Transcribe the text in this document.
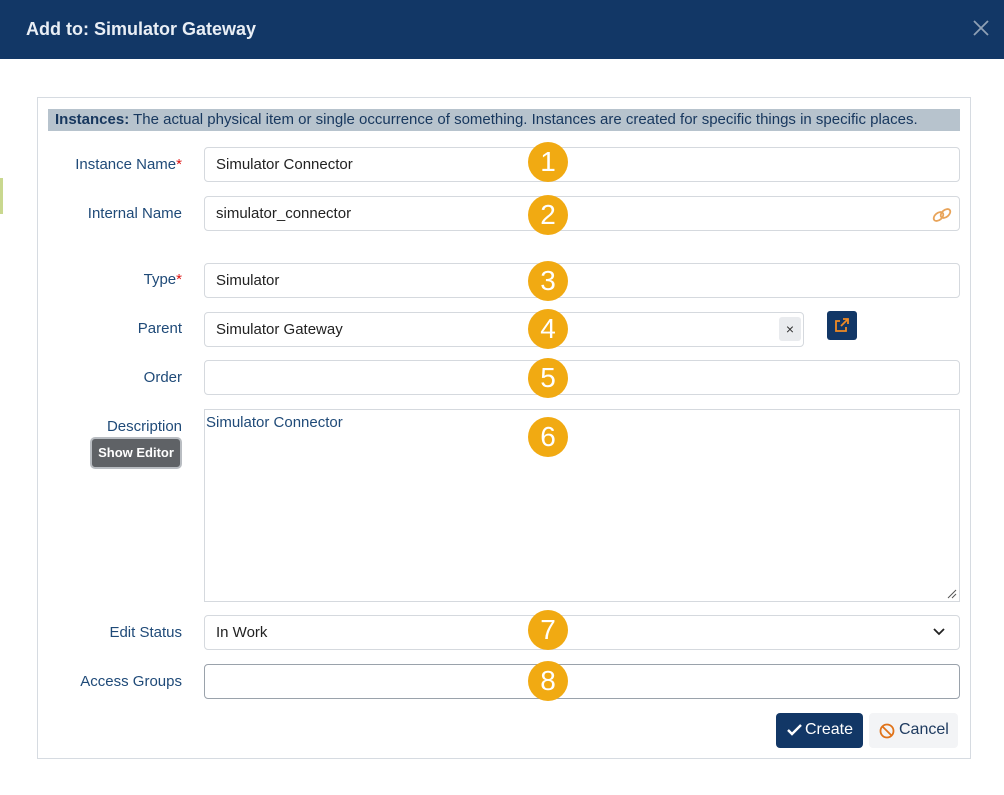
Add to: Simulator Gateway
Instances: The actual physical item or single occurrence of something. Instances are created for specific things in specific places.
Instance Name*	Simulator Connector	1
Internal Name	simulator_connector	2
Type*	Simulator	3
Parent	Simulator Gateway	×
4
Order	5
Description
Show Editor
Simulator Connector	6
Edit Status	In Work	7
Access Groups	8
Create	Cancel
